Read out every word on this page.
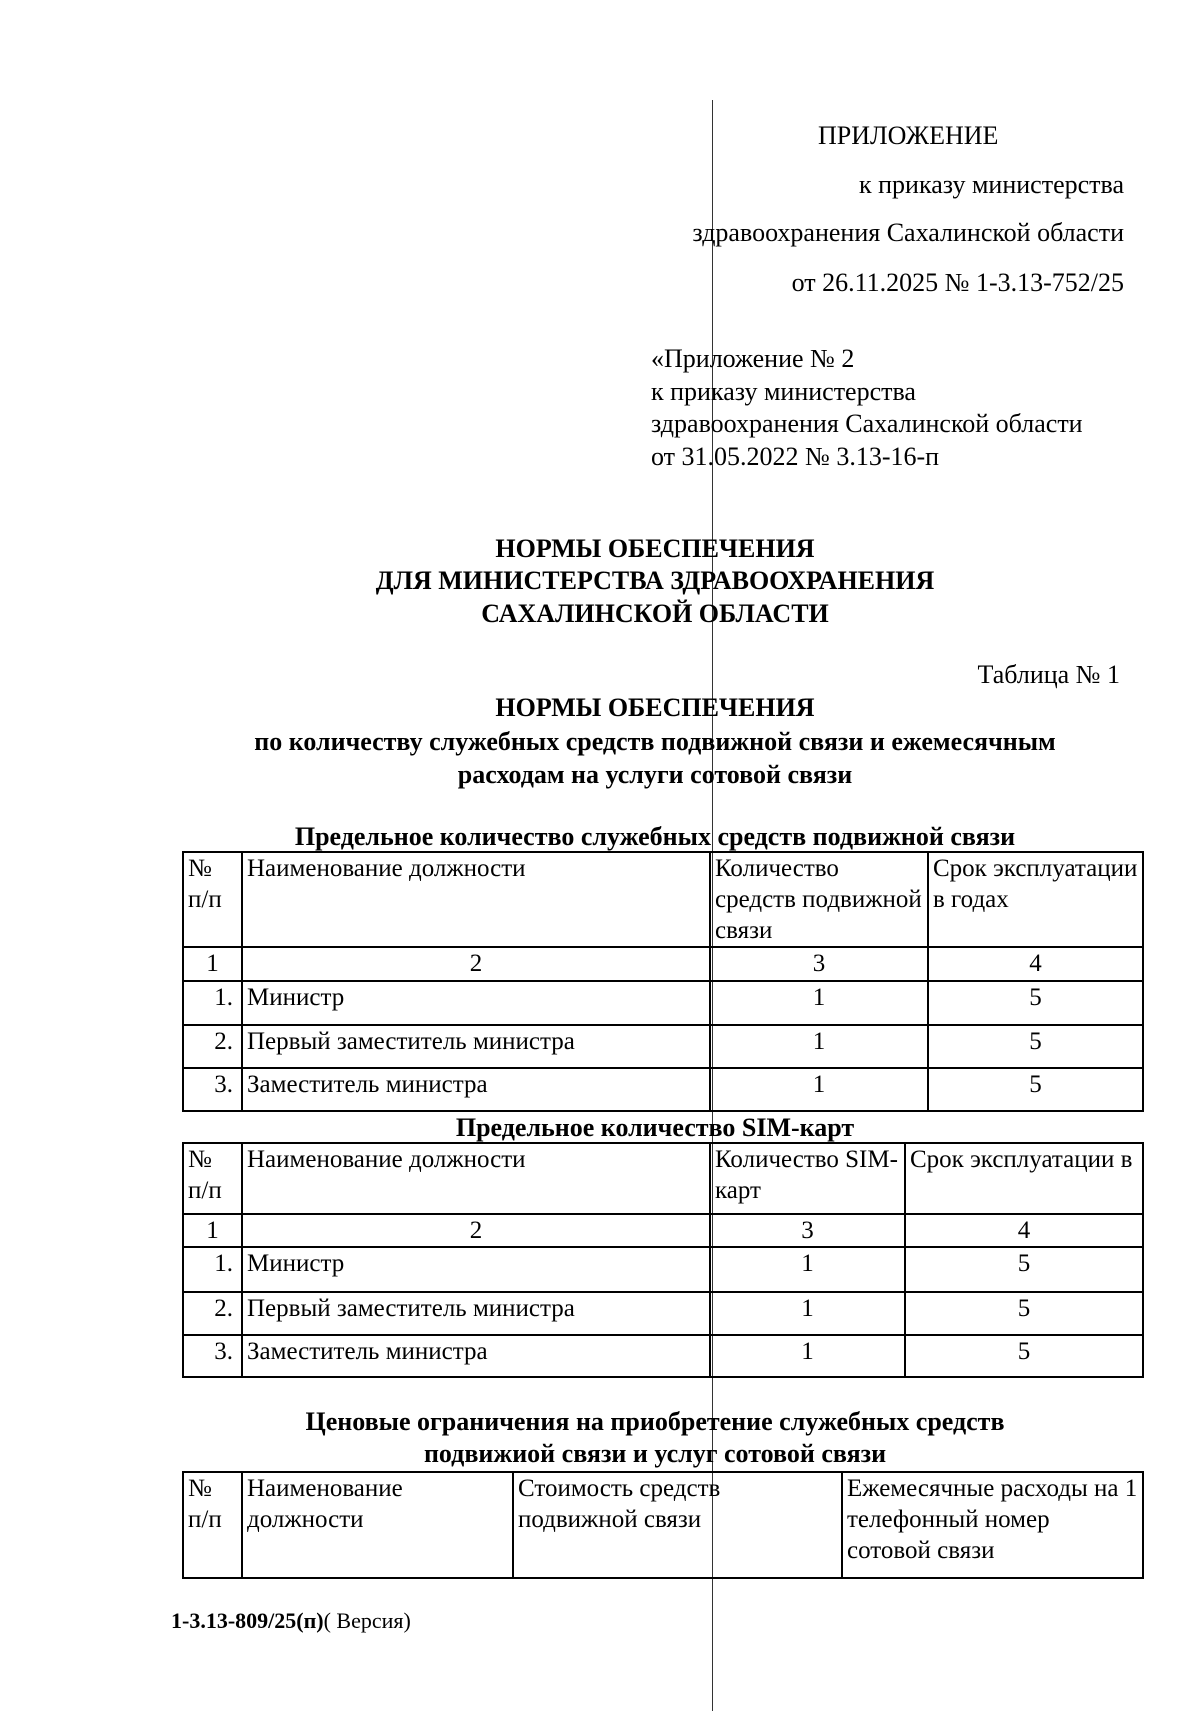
ПРИЛОЖЕНИЕ
к приказу министерства
здравоохранения Сахалинской области
от 26.11.2025 № 1-3.13-752/25
«Приложение № 2
к приказу министерства
здравоохранения Сахалинской области
от 31.05.2022 № 3.13-16-п
НОРМЫ ОБЕСПЕЧЕНИЯ
ДЛЯ МИНИСТЕРСТВА ЗДРАВООХРАНЕНИЯ
САХАЛИНСКОЙ ОБЛАСТИ
Таблица № 1
НОРМЫ ОБЕСПЕЧЕНИЯ
по количеству служебных средств подвижной связи и ежемесячным
расходам на услуги сотовой связи
Предельное количество служебных средств подвижной связи
№ п/п	Наименование должности	Количество средств подвижной связи	Срок эксплуатации в годах
1	2	3	4
1.	Министр	1	5
2.	Первый заместитель министра	1	5
3.	Заместитель министра	1	5
Предельное количество SIM-карт
№ п/п	Наименование должности	Количество SIM-карт	Срок эксплуатации в
1	2	3	4
1.	Министр	1	5
2.	Первый заместитель министра	1	5
3.	Заместитель министра	1	5
Ценовые ограничения на приобретение служебных средств
подвижиой связи и услуг сотовой связи
№ п/п	Наименование должности	Стоимость средств подвижной связи	Ежемесячные расходы на 1 телефонный номер сотовой связи
1-3.13-809/25(п)( Версия)
